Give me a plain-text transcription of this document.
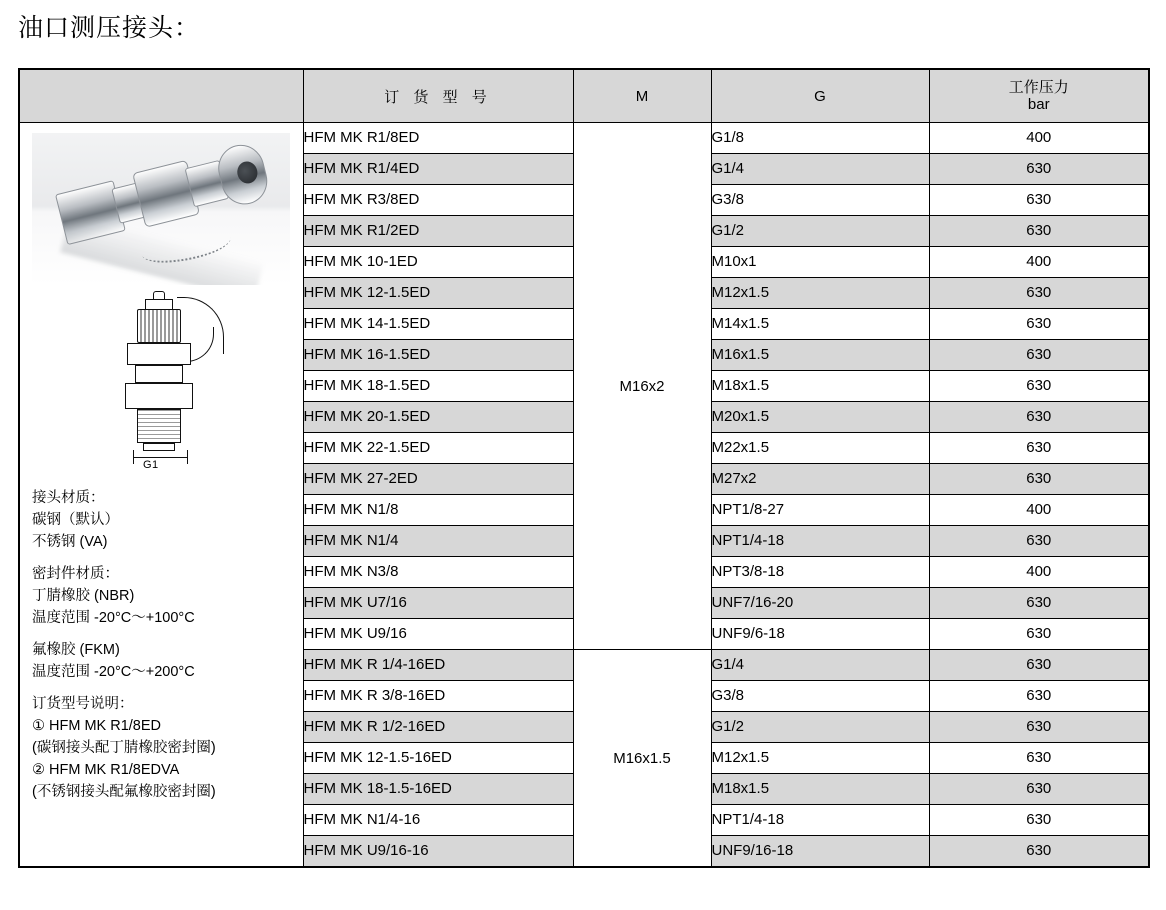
油口测压接头：
	订 货 型 号	M	G	工作压力
bar

G1
接头材质：
碳钢（默认）
不锈钢 (VA)
密封件材质：
丁腈橡胶 (NBR)
温度范围 -20°C～+100°C
氟橡胶 (FKM)
温度范围 -20°C～+200°C
订货型号说明：
① HFM MK R1/8ED
(碳钢接头配丁腈橡胶密封圈)
② HFM MK R1/8EDVA
(不锈钢接头配氟橡胶密封圈)
	HFM MK R1/8ED	M16x2	G1/8	400
	HFM MK R1/4ED		G1/4	630
	HFM MK R3/8ED		G3/8	630
	HFM MK R1/2ED		G1/2	630
	HFM MK 10-1ED		M10x1	400
	HFM MK 12-1.5ED		M12x1.5	630
	HFM MK 14-1.5ED		M14x1.5	630
	HFM MK 16-1.5ED		M16x1.5	630
	HFM MK 18-1.5ED		M18x1.5	630
	HFM MK 20-1.5ED		M20x1.5	630
	HFM MK 22-1.5ED		M22x1.5	630
	HFM MK 27-2ED		M27x2	630
	HFM MK N1/8		NPT1/8-27	400
	HFM MK N1/4		NPT1/4-18	630
	HFM MK N3/8		NPT3/8-18	400
	HFM MK U7/16		UNF7/16-20	630
	HFM MK U9/16		UNF9/6-18	630
	HFM MK R 1/4-16ED	M16x1.5	G1/4	630
	HFM MK R 3/8-16ED		G3/8	630
	HFM MK R 1/2-16ED		G1/2	630
	HFM MK 12-1.5-16ED		M12x1.5	630
	HFM MK 18-1.5-16ED		M18x1.5	630
	HFM MK N1/4-16		NPT1/4-18	630
	HFM MK U9/16-16		UNF9/16-18	630
